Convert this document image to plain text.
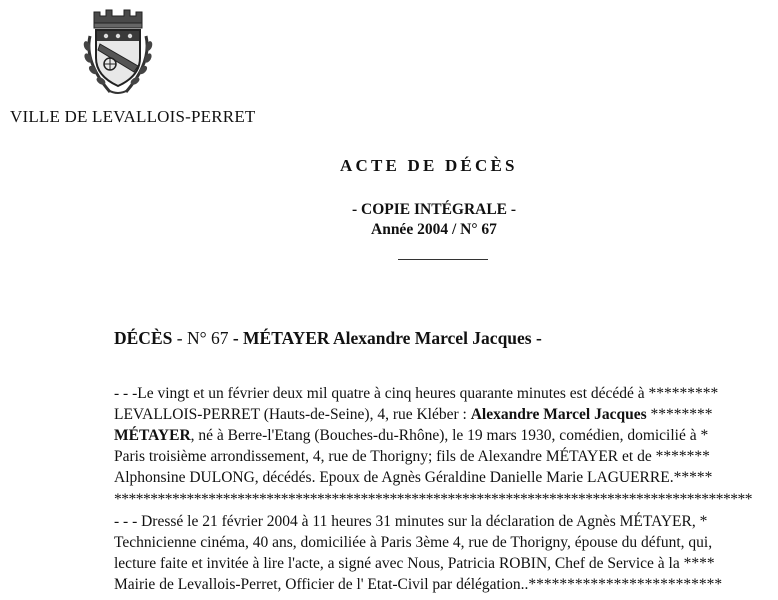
VILLE DE LEVALLOIS-PERRET
ACTE DE DÉCÈS
- COPIE INTÉGRALE -
Année 2004 / N° 67
DÉCÈS - N° 67 - MÉTAYER Alexandre Marcel Jacques -
- - -Le vingt et un février deux mil quatre à cinq heures quarante minutes est décédé à *********
LEVALLOIS-PERRET (Hauts-de-Seine), 4, rue Kléber : Alexandre Marcel Jacques ********
MÉTAYER, né à Berre-l'Etang (Bouches-du-Rhône), le 19 mars 1930, comédien, domicilié à *
Paris troisième arrondissement, 4, rue de Thorigny; fils de Alexandre MÉTAYER et de *******
Alphonsine DULONG, décédés. Epoux de Agnès Géraldine Danielle Marie LAGUERRE.*****
****************************************************************************************
- - - Dressé le 21 février 2004 à 11 heures 31 minutes sur la déclaration de Agnès MÉTAYER, *
Technicienne cinéma, 40 ans, domiciliée à Paris 3ème 4, rue de Thorigny, épouse du défunt, qui,
lecture faite et invitée à lire l'acte, a signé avec Nous, Patricia ROBIN, Chef de Service à la ****
Mairie de Levallois-Perret, Officier de l' Etat-Civil par délégation..*************************
